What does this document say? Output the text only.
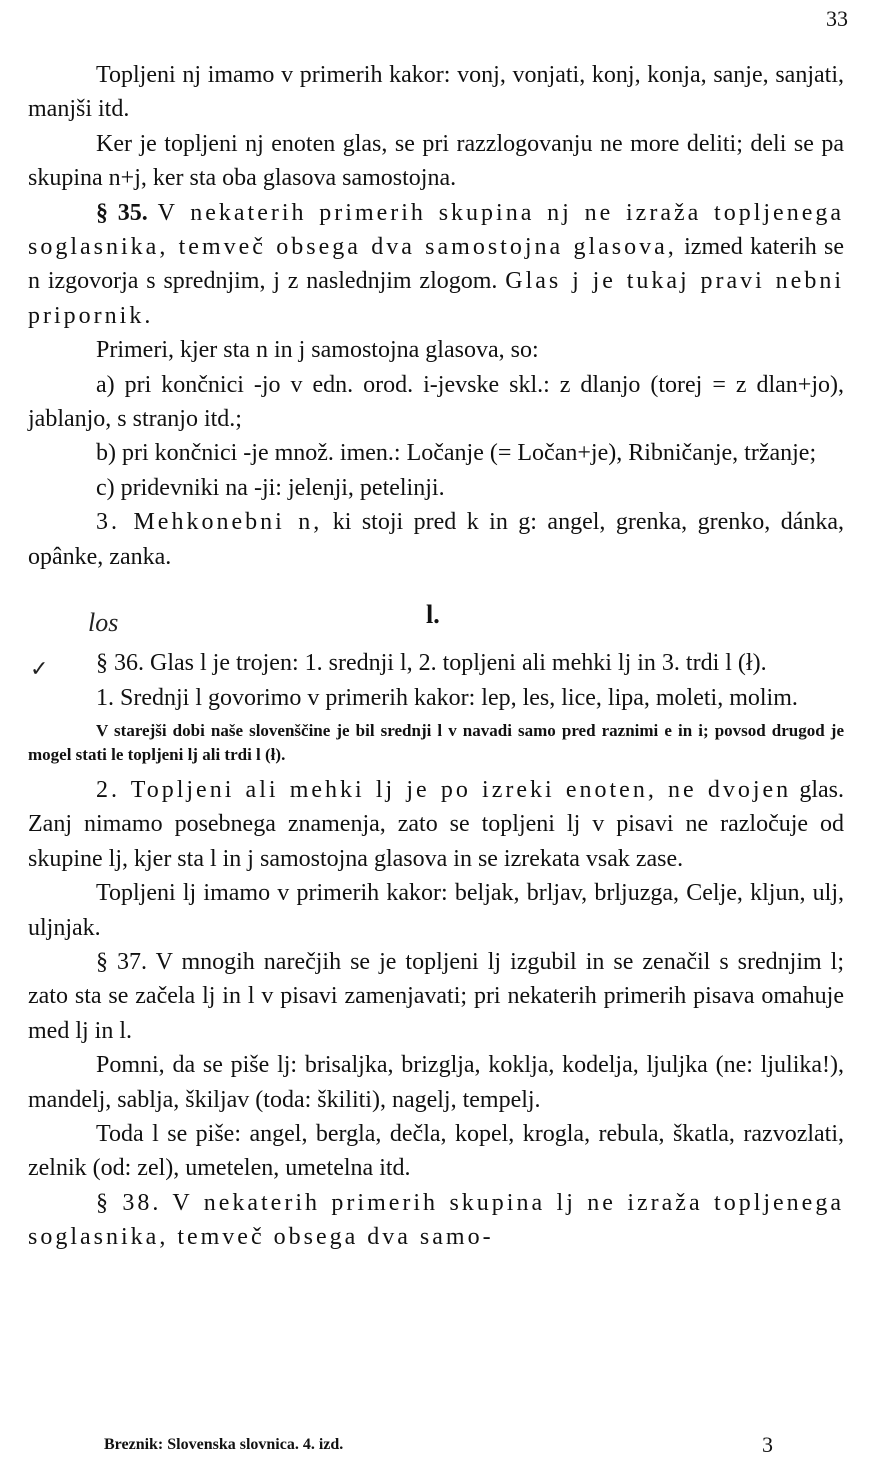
33

Topljeni nj imamo v primerih kakor: vonj, vonjati, konj, konja, sanje, sanjati, manjši itd.

Ker je topljeni nj enoten glas, se pri razzlogovanju ne more deliti; deli se pa skupina n+j, ker sta oba glasova samostojna.

§ 35. V nekaterih primerih skupina nj ne izraža topljenega soglasnika, temveč obsega dva samostojna glasova, izmed katerih se n izgovorja s sprednjim, j z naslednjim zlogom. Glas j je tukaj pravi nebni pripornik.

Primeri, kjer sta n in j samostojna glasova, so:

a) pri končnici -jo v edn. orod. i-jevske skl.: z dlanjo (torej = z dlan+jo), jablanjo, s stranjo itd.;

b) pri končnici -je množ. imen.: Ločanje (= Ločan+je), Ribničanje, tržanje;

c) pridevniki na -ji: jelenji, petelinji.

3. Mehkonebni n, ki stoji pred k in g: angel, grenka, grenko, dánka, opânke, zanka.

los
✓
l.

§ 36. Glas l je trojen: 1. srednji l, 2. topljeni ali mehki lj in 3. trdi l (ł).

1. Srednji l govorimo v primerih kakor: lep, les, lice, lipa, moleti, molim.

V starejši dobi naše slovenščine je bil srednji l v navadi samo pred raznimi e in i; povsod drugod je mogel stati le topljeni lj ali trdi l (ł).

2. Topljeni ali mehki lj je po izreki enoten, ne dvojen glas. Zanj nimamo posebnega znamenja, zato se topljeni lj v pisavi ne razločuje od skupine lj, kjer sta l in j samostojna glasova in se izrekata vsak zase.

Topljeni lj imamo v primerih kakor: beljak, brljav, brljuzga, Celje, kljun, ulj, uljnjak.

§ 37. V mnogih narečjih se je topljeni lj izgubil in se zenačil s srednjim l; zato sta se začela lj in l v pisavi zamenjavati; pri nekaterih primerih pisava omahuje med lj in l.

Pomni, da se piše lj: brisaljka, brizglja, koklja, kodelja, ljuljka (ne: ljulika!), mandelj, sablja, škiljav (toda: škiliti), nagelj, tempelj.

Toda l se piše: angel, bergla, dečla, kopel, krogla, rebula, škatla, razvozlati, zelnik (od: zel), umetelen, umetelna itd.

§ 38. V nekaterih primerih skupina lj ne izraža topljenega soglasnika, temveč obsega dva samo-

Breznik: Slovenska slovnica. 4. izd.	3
